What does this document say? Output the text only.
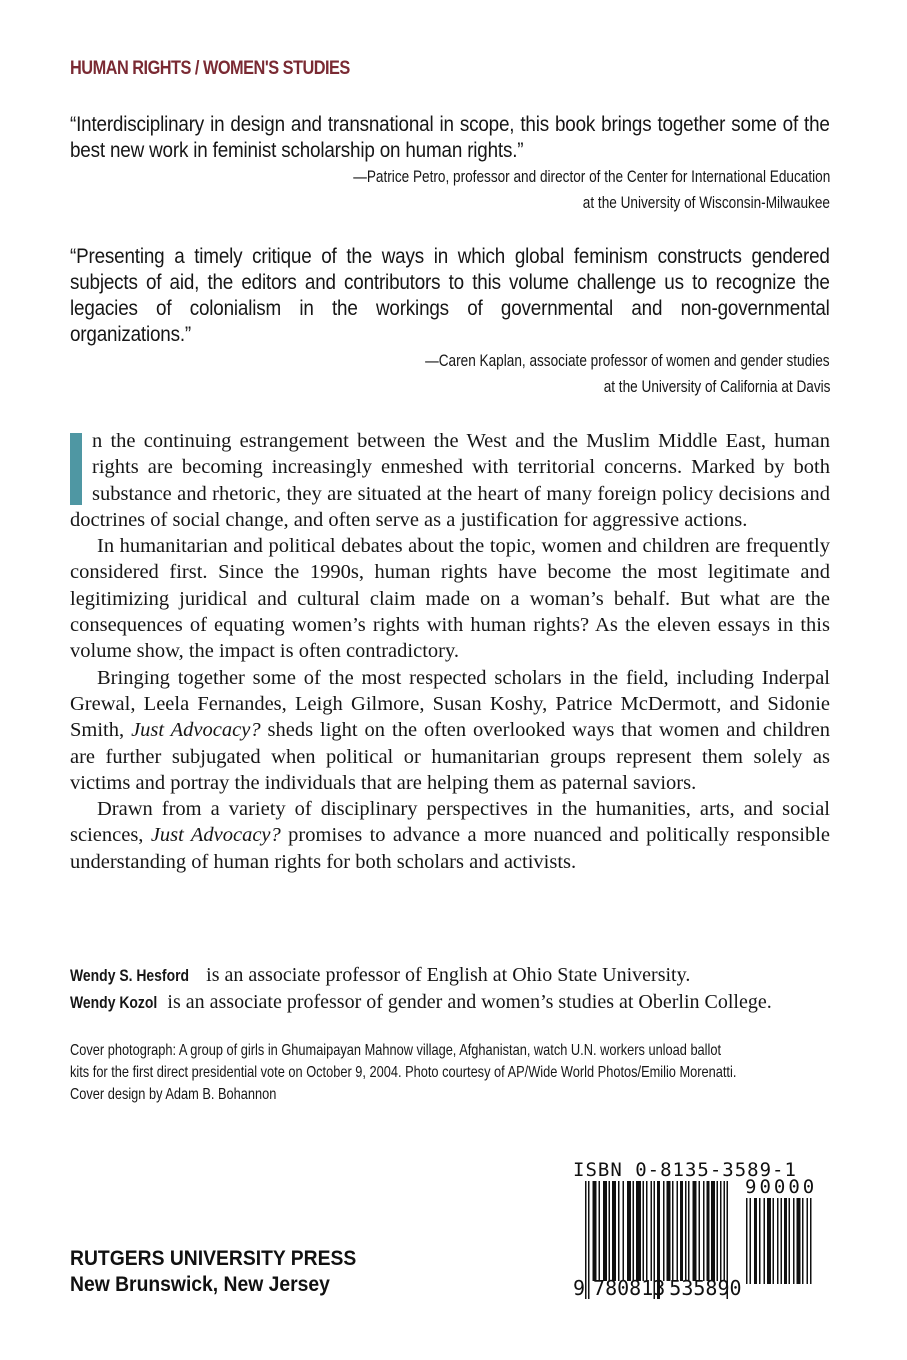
HUMAN RIGHTS / WOMEN'S STUDIES
“Interdisciplinary in design and transnational in scope, this book brings together some of the best new work in feminist scholarship on human rights.”
—Patrice Petro, professor and director of the Center for International Education
at the University of Wisconsin-Milwaukee
“Presenting a timely critique of the ways in which global feminism constructs gendered subjects of aid, the editors and contributors to this volume challenge us to recognize the legacies of colonialism in the workings of governmental and non-governmental organizations.”
—Caren Kaplan, associate professor of women and gender studies
at the University of California at Davis

n the continuing estrangement between the West and the Muslim Middle East, human rights are becoming increasingly enmeshed with territorial concerns. Marked by both substance and rhetoric, they are situated at the heart of many foreign policy decisions and doctrines of social change, and often serve as a justification for aggressive actions.

In humanitarian and political debates about the topic, women and children are frequently considered first. Since the 1990s, human rights have become the most legitimate and legitimizing juridical and cultural claim made on a woman’s behalf. But what are the consequences of equating women’s rights with human rights? As the eleven essays in this volume show, the impact is often contradictory.

Bringing together some of the most respected scholars in the field, including Inderpal Grewal, Leela Fernandes, Leigh Gilmore, Susan Koshy, Patrice McDermott, and Sidonie Smith, Just Advocacy? sheds light on the often overlooked ways that women and children are further subjugated when political or humanitarian groups represent them solely as victims and portray the individuals that are helping them as paternal saviors.

Drawn from a variety of disciplinary perspectives in the humanities, arts, and social sciences, Just Advocacy? promises to advance a more nuanced and politically responsible understanding of human rights for both scholars and activists.

Wendy S. Hesford is an associate professor of English at Ohio State University.
Wendy Kozol is an associate professor of gender and women’s studies at Oberlin College.
Cover photograph: A group of girls in Ghumaipayan Mahnow village, Afghanistan, watch U.N. workers unload ballot
kits for the first direct presidential vote on October 9, 2004. Photo courtesy of AP/Wide World Photos/Emilio Morenatti.
Cover design by Adam B. Bohannon
RUTGERS UNIVERSITY PRESS
New Brunswick, New Jersey
ISBN 0-8135-3589-1
90000
9 780813 535890
